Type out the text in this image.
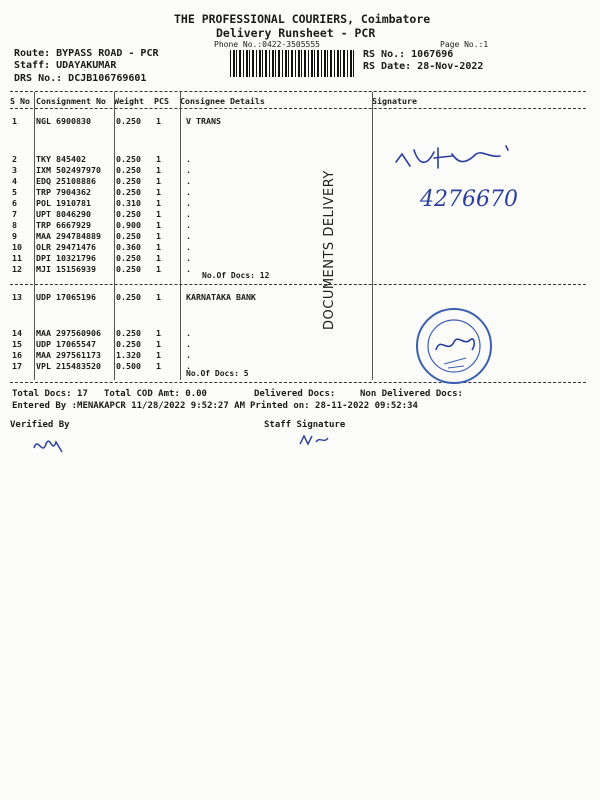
THE PROFESSIONAL COURIERS, Coimbatore
Delivery Runsheet - PCR
Phone No.:0422-3505555	Page No.:1
Route: BYPASS ROAD - PCR
Staff: UDAYAKUMAR
DRS No.: DCJB106769601
RS No.: 1067696
RS Date: 28-Nov-2022
S No Consignment No Weight PCS Consignee Details	Signature
1 NGL 6900830	0.250 1	V TRANS
2 TKY 845402	0.250 1	.
3 IXM 502497970 0.250 1	.
4 EDQ 25108886 0.250 1	.
5 TRP 7904362	0.250 1	.
6 POL 1910781	0.310 1	.
7 UPT 8046290	0.250 1	.
8 TRP 6667929	0.900 1	.
9 MAA 294784889 0.250 1	.
10 OLR 29471476 0.360 1	.
11 DPI 10321796 0.250 1	.
12 MJI 15156939 0.250 1	.
No.Of Docs: 12
13 UDP 17065196 0.250 1	KARNATAKA BANK
14 MAA 297560906 0.250 1	.
15 UDP 17065547 0.250 1	.
16 MAA 297561173 1.320 1	.
17 VPL 215483520 0.500 1	.
No.Of Docs: 5
DOCUMENTS DELIVERY	4276670
Total Docs: 17 Total COD Amt: 0.00	Delivered Docs:	Non Delivered Docs:
Entered By :MENAKAPCR 11/28/2022 9:52:27 AM Printed on: 28-11-2022 09:52:34
Verified By	Staff Signature
